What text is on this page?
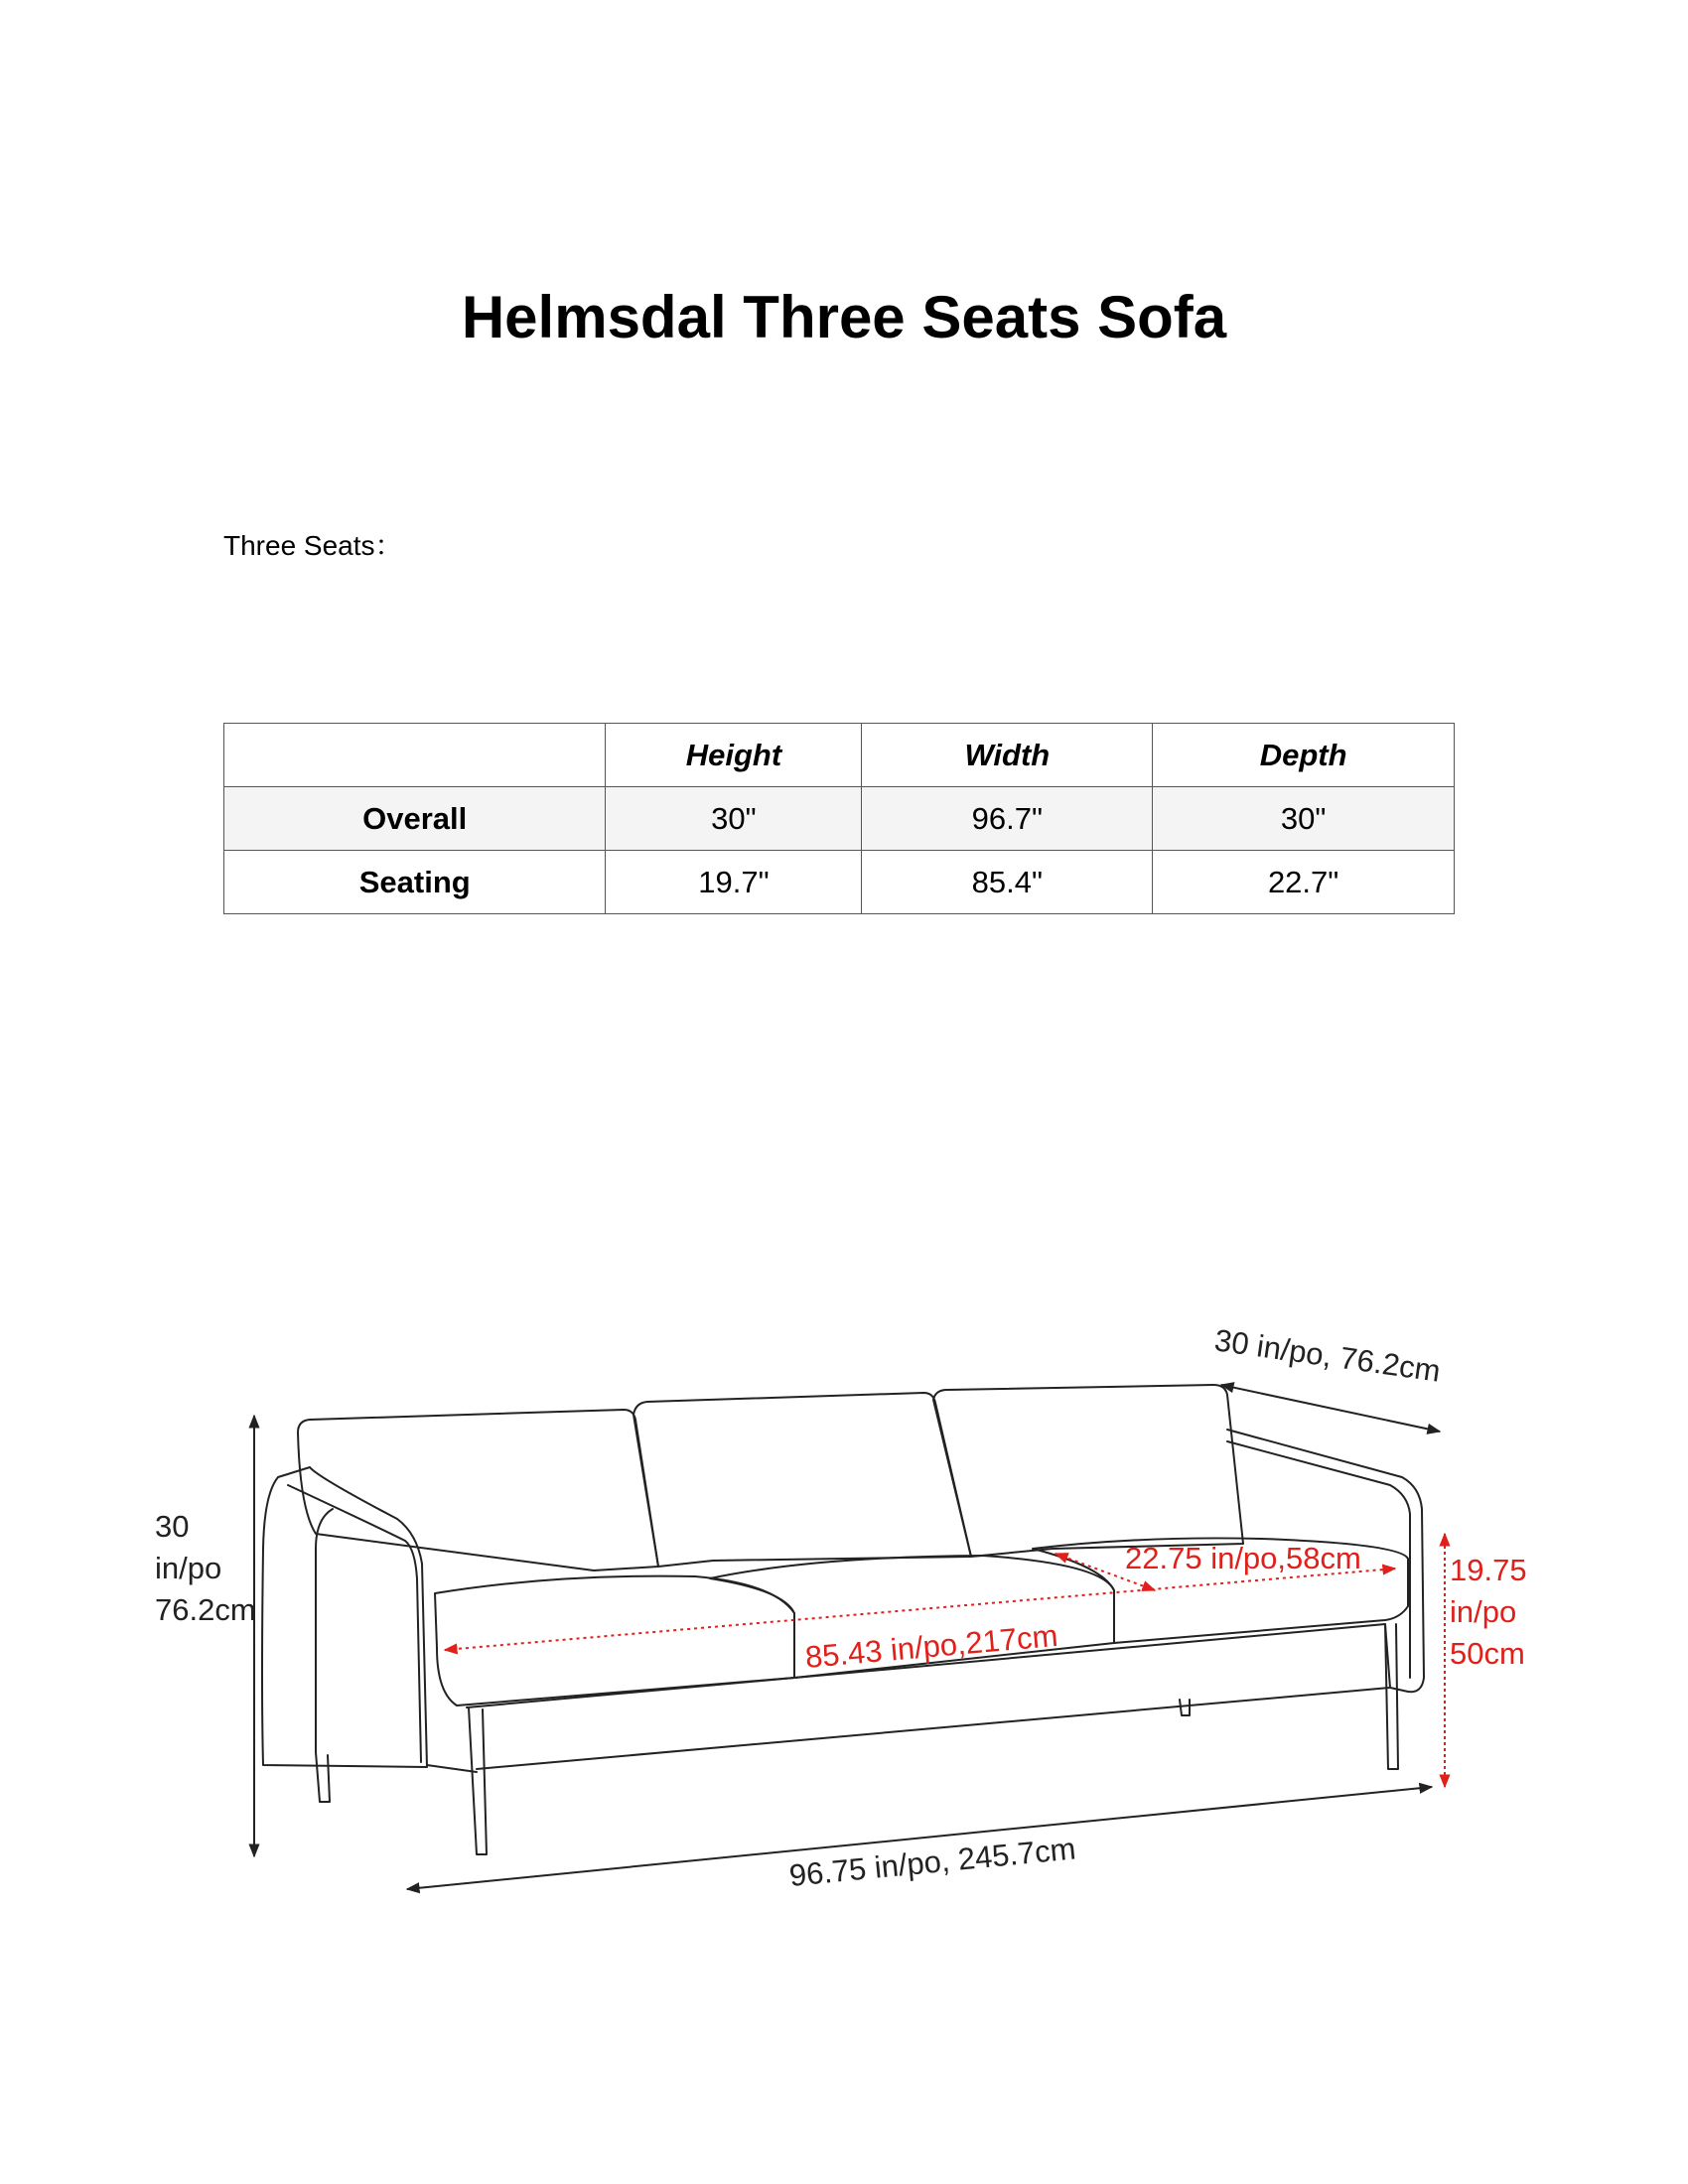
Helmsdal Three Seats Sofa
Three Seats：
	Height	Width	Depth
Overall	30"	96.7"	30"
Seating	19.7"	85.4"	22.7"
30
in/po
76.2cm
30 in/po, 76.2cm
96.75 in/po, 245.7cm
22.75 in/po,58cm
85.43 in/po,217cm
19.75
in/po
50cm
